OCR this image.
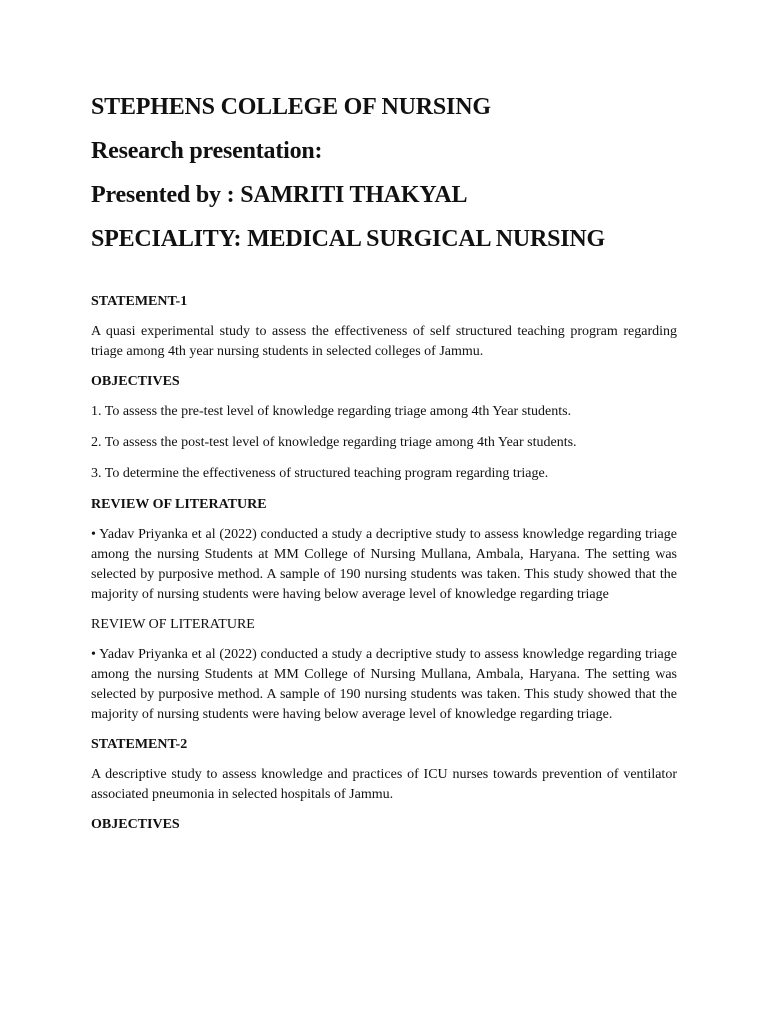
STEPHENS COLLEGE OF NURSING
Research presentation:
Presented by : SAMRITI THAKYAL
SPECIALITY: MEDICAL SURGICAL NURSING
STATEMENT-1
A quasi experimental study to assess the effectiveness of self structured teaching program regarding triage among 4th year nursing students in selected colleges of Jammu.
OBJECTIVES
1. To assess the pre-test level of knowledge regarding triage among 4th Year students.
2. To assess the post-test level of knowledge regarding triage among 4th Year students.
3. To determine the effectiveness of structured teaching program regarding triage.
REVIEW OF LITERATURE
• Yadav Priyanka et al (2022) conducted a study a decriptive study to assess knowledge regarding triage among the nursing Students at MM College of Nursing Mullana, Ambala, Haryana. The setting was selected by purposive method. A sample of 190 nursing students was taken. This study showed that the majority of nursing students were having below average level of knowledge regarding triage
REVIEW OF LITERATURE
• Yadav Priyanka et al (2022) conducted a study a decriptive study to assess knowledge regarding triage among the nursing Students at MM College of Nursing Mullana, Ambala, Haryana. The setting was selected by purposive method. A sample of 190 nursing students was taken. This study showed that the majority of nursing students were having below average level of knowledge regarding triage.
STATEMENT-2
A descriptive study to assess knowledge and practices of ICU nurses towards prevention of ventilator associated pneumonia in selected hospitals of Jammu.
OBJECTIVES
